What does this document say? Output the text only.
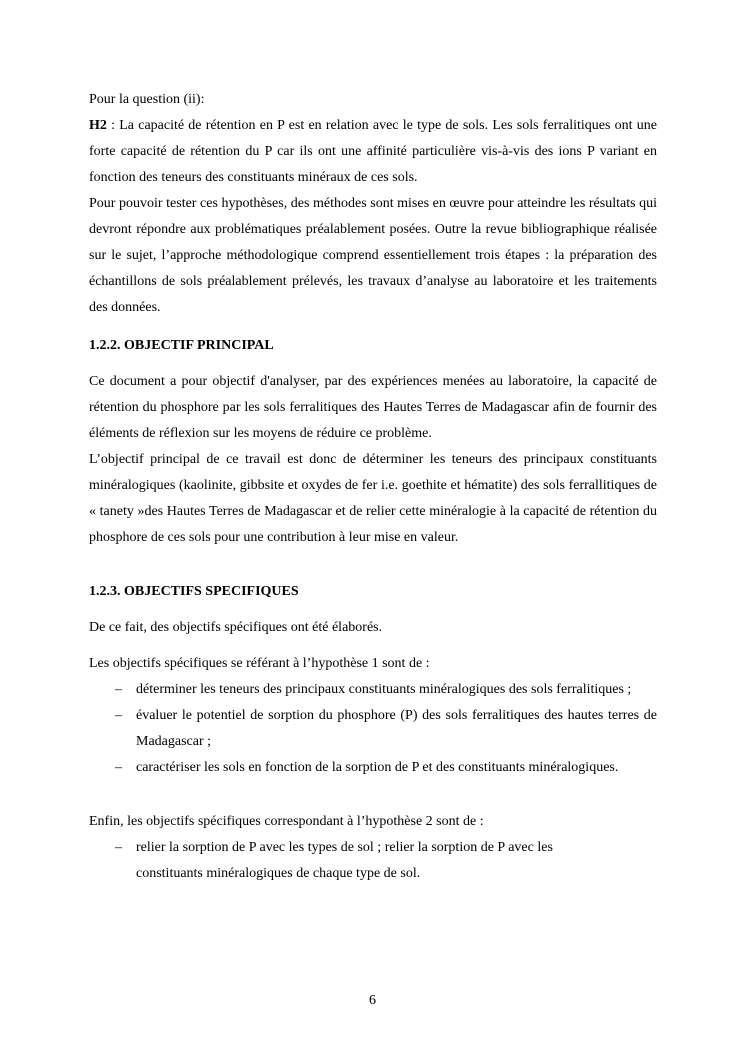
Pour la question (ii):

H2 : La capacité de rétention en P est en relation avec le type de sols. Les sols ferralitiques ont une forte capacité de rétention du P car ils ont une affinité particulière vis-à-vis des ions P variant en fonction des teneurs des constituants minéraux de ces sols.

Pour pouvoir tester ces hypothèses, des méthodes sont mises en œuvre pour atteindre les résultats qui devront répondre aux problématiques préalablement posées. Outre la revue bibliographique réalisée sur le sujet, l’approche méthodologique comprend essentiellement trois étapes : la préparation des échantillons de sols préalablement prélevés, les travaux d’analyse au laboratoire et les traitements des données.

1.2.2. OBJECTIF PRINCIPAL

Ce document a pour objectif d'analyser, par des expériences menées au laboratoire, la capacité de rétention du phosphore par les sols ferralitiques des Hautes Terres de Madagascar afin de fournir des éléments de réflexion sur les moyens de réduire ce problème.

L’objectif principal de ce travail est donc de déterminer les teneurs des principaux constituants minéralogiques (kaolinite, gibbsite et oxydes de fer i.e. goethite et hématite) des sols ferrallitiques de « tanety »des Hautes Terres de Madagascar et de relier cette minéralogie à la capacité de rétention du phosphore de ces sols pour une contribution à leur mise en valeur.

1.2.3. OBJECTIFS SPECIFIQUES

De ce fait, des objectifs spécifiques ont été élaborés.

Les objectifs spécifiques se référant à l’hypothèse 1 sont de :

– déterminer les teneurs des principaux constituants minéralogiques des sols ferralitiques ;
– évaluer le potentiel de sorption du phosphore (P) des sols ferralitiques des hautes terres de Madagascar ;
– caractériser les sols en fonction de la sorption de P et des constituants minéralogiques.

Enfin, les objectifs spécifiques correspondant à l’hypothèse 2 sont de :

– relier la sorption de P avec les types de sol ; relier la sorption de P avec les
constituants minéralogiques de chaque type de sol.
6
